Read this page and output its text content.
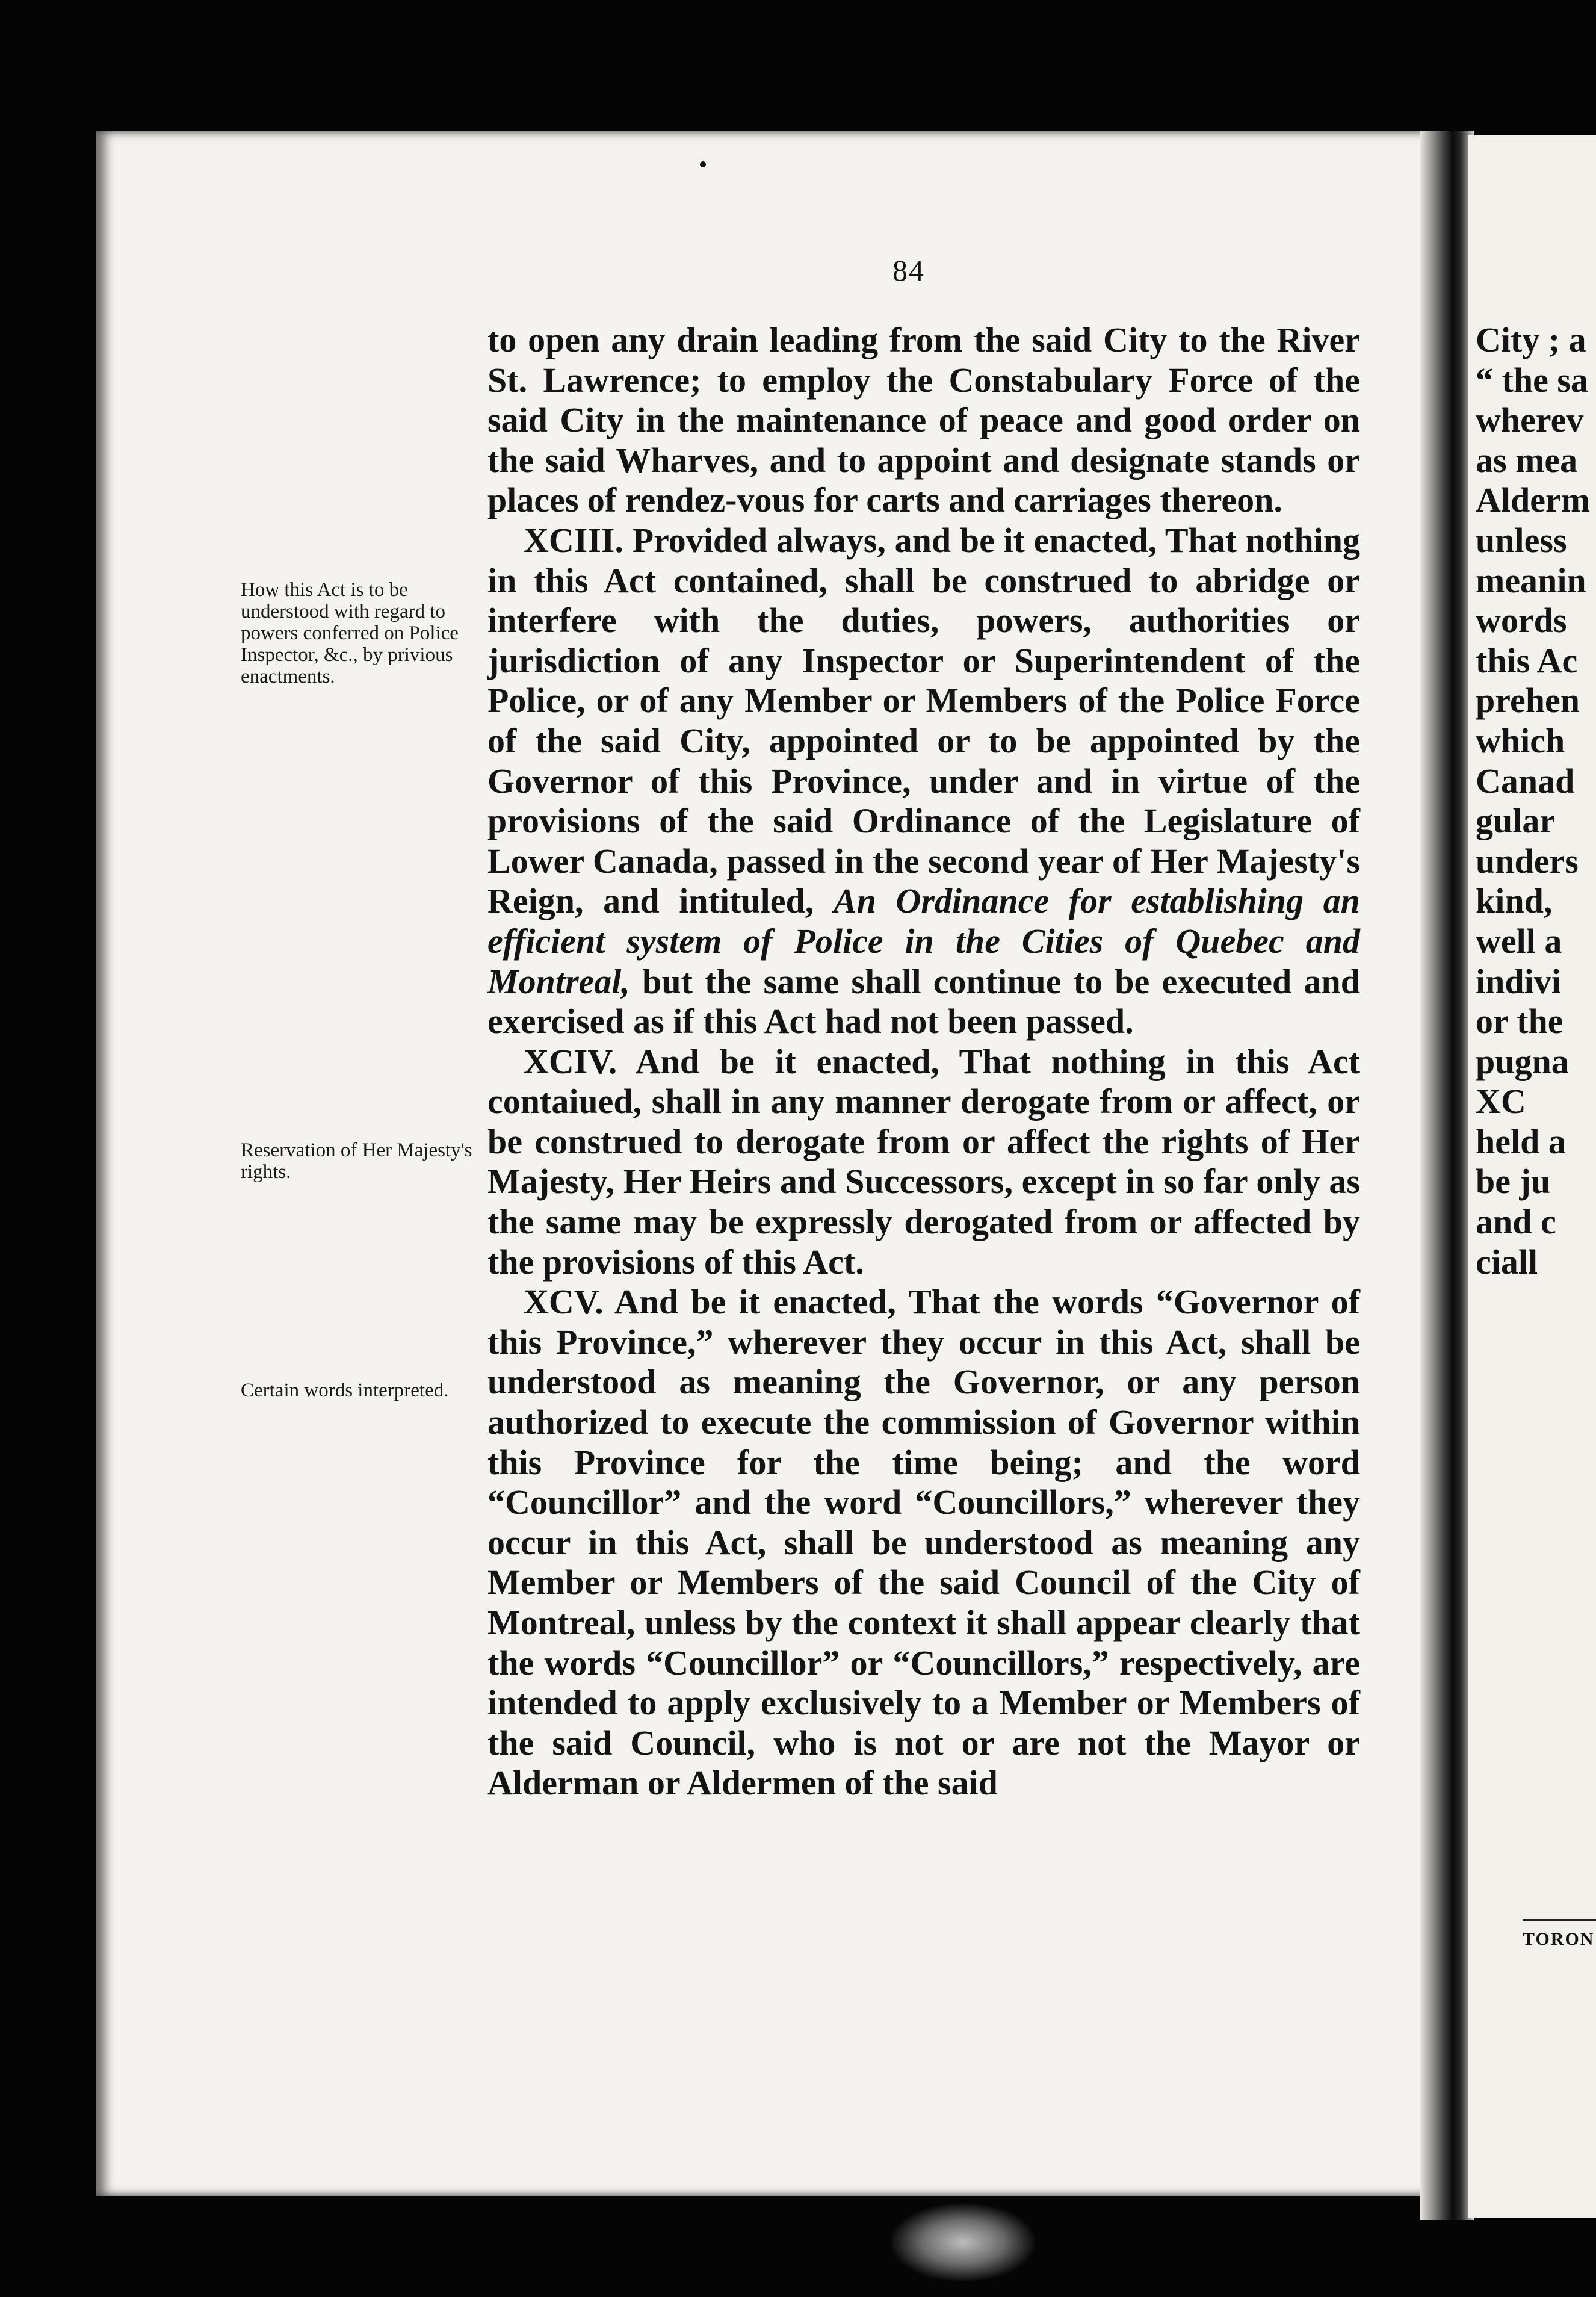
84

to open any drain leading from the said City to the River St. Lawrence; to employ the Constabulary Force of the said City in the maintenance of peace and good order on the said Wharves, and to appoint and designate stands or places of rendez-vous for carts and carriages thereon.

XCIII. Provided always, and be it enacted, That nothing in this Act contained, shall be construed to abridge or interfere with the duties, powers, authorities or jurisdiction of any Inspector or Superintendent of the Police, or of any Member or Members of the Police Force of the said City, appointed or to be appointed by the Governor of this Province, under and in virtue of the provisions of the said Ordinance of the Legislature of Lower Canada, passed in the second year of Her Majesty's Reign, and intituled, An Ordinance for establishing an efficient system of Police in the Cities of Quebec and Montreal, but the same shall continue to be executed and exercised as if this Act had not been passed.

XCIV. And be it enacted, That nothing in this Act contaiued, shall in any manner derogate from or affect, or be construed to derogate from or affect the rights of Her Majesty, Her Heirs and Successors, except in so far only as the same may be expressly derogated from or affected by the provisions of this Act.

XCV. And be it enacted, That the words “Governor of this Province,” wherever they occur in this Act, shall be understood as meaning the Governor, or any person authorized to execute the commission of Governor within this Province for the time being; and the word “Councillor” and the word “Councillors,” wherever they occur in this Act, shall be understood as meaning any Member or Members of the said Council of the City of Montreal, unless by the context it shall appear clearly that the words “Councillor” or “Councillors,” respectively, are intended to apply exclusively to a Member or Members of the said Council, who is not or are not the Mayor or Alderman or Aldermen of the said

How this Act is to be understood with regard to powers conferred on Police Inspector, &c., by privious enactments.
Reservation of Her Majesty's rights.
Certain words interpreted.
City ; a
“ the sa
wherev
as mea
Alderm
unless
meanin
words
this Ac
prehen
which
Canad
gular
unders
kind,
well a
indivi
or the
pugna
XC
held a
be ju
and c
ciall
TORON
